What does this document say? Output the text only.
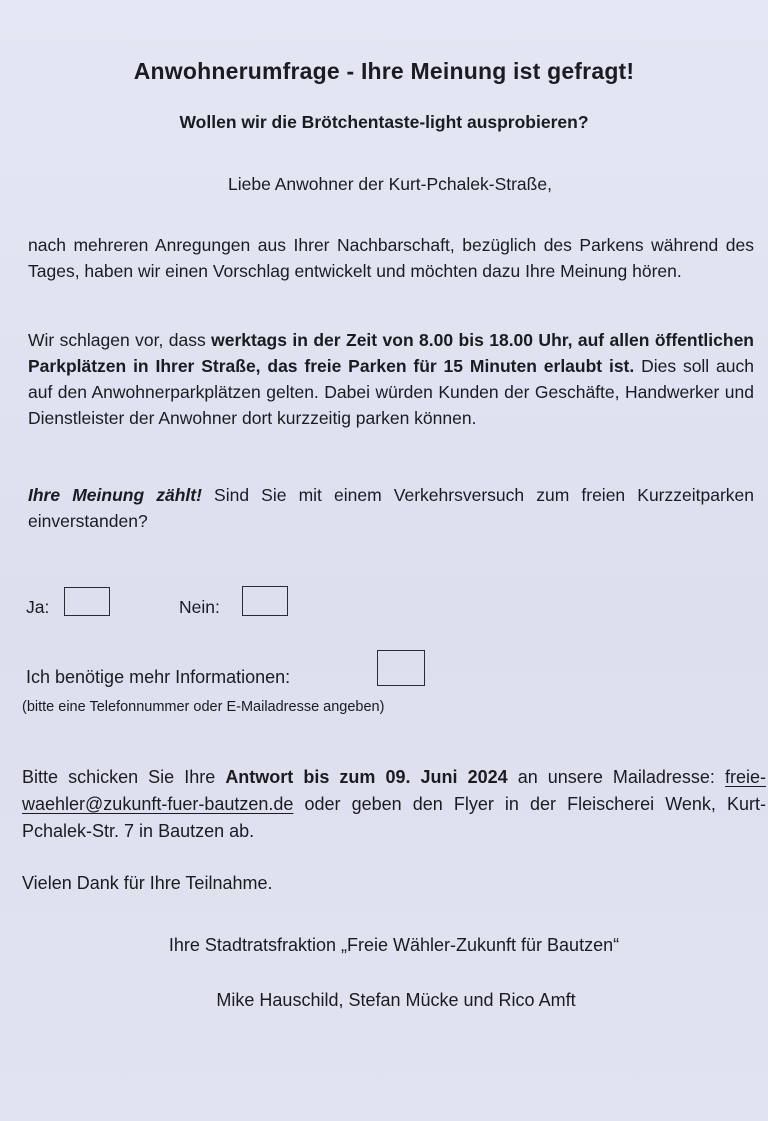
Anwohnerumfrage - Ihre Meinung ist gefragt!
Wollen wir die Brötchentaste-light ausprobieren?

Liebe Anwohner der Kurt-Pchalek-Straße,

nach mehreren Anregungen aus Ihrer Nachbarschaft, bezüglich des Parkens während des Tages, haben wir einen Vorschlag entwickelt und möchten dazu Ihre Meinung hören.

Wir schlagen vor, dass werktags in der Zeit von 8.00 bis 18.00 Uhr, auf allen öffentlichen Parkplätzen in Ihrer Straße, das freie Parken für 15 Minuten erlaubt ist. Dies soll auch auf den Anwohnerparkplätzen gelten. Dabei würden Kunden der Geschäfte, Handwerker und Dienstleister der Anwohner dort kurzzeitig parken können.

Ihre Meinung zählt! Sind Sie mit einem Verkehrsversuch zum freien Kurzzeitparken einverstanden?

Ja:	Nein:
Ich benötige mehr Informationen:
(bitte eine Telefonnummer oder E-Mailadresse angeben)

Bitte schicken Sie Ihre Antwort bis zum 09. Juni 2024 an unsere Mailadresse: freie-waehler@zukunft-fuer-bautzen.de oder geben den Flyer in der Fleischerei Wenk, Kurt-Pchalek-Str. 7 in Bautzen ab.

Vielen Dank für Ihre Teilnahme.

Ihre Stadtratsfraktion „Freie Wähler-Zukunft für Bautzen“

Mike Hauschild, Stefan Mücke und Rico Amft
